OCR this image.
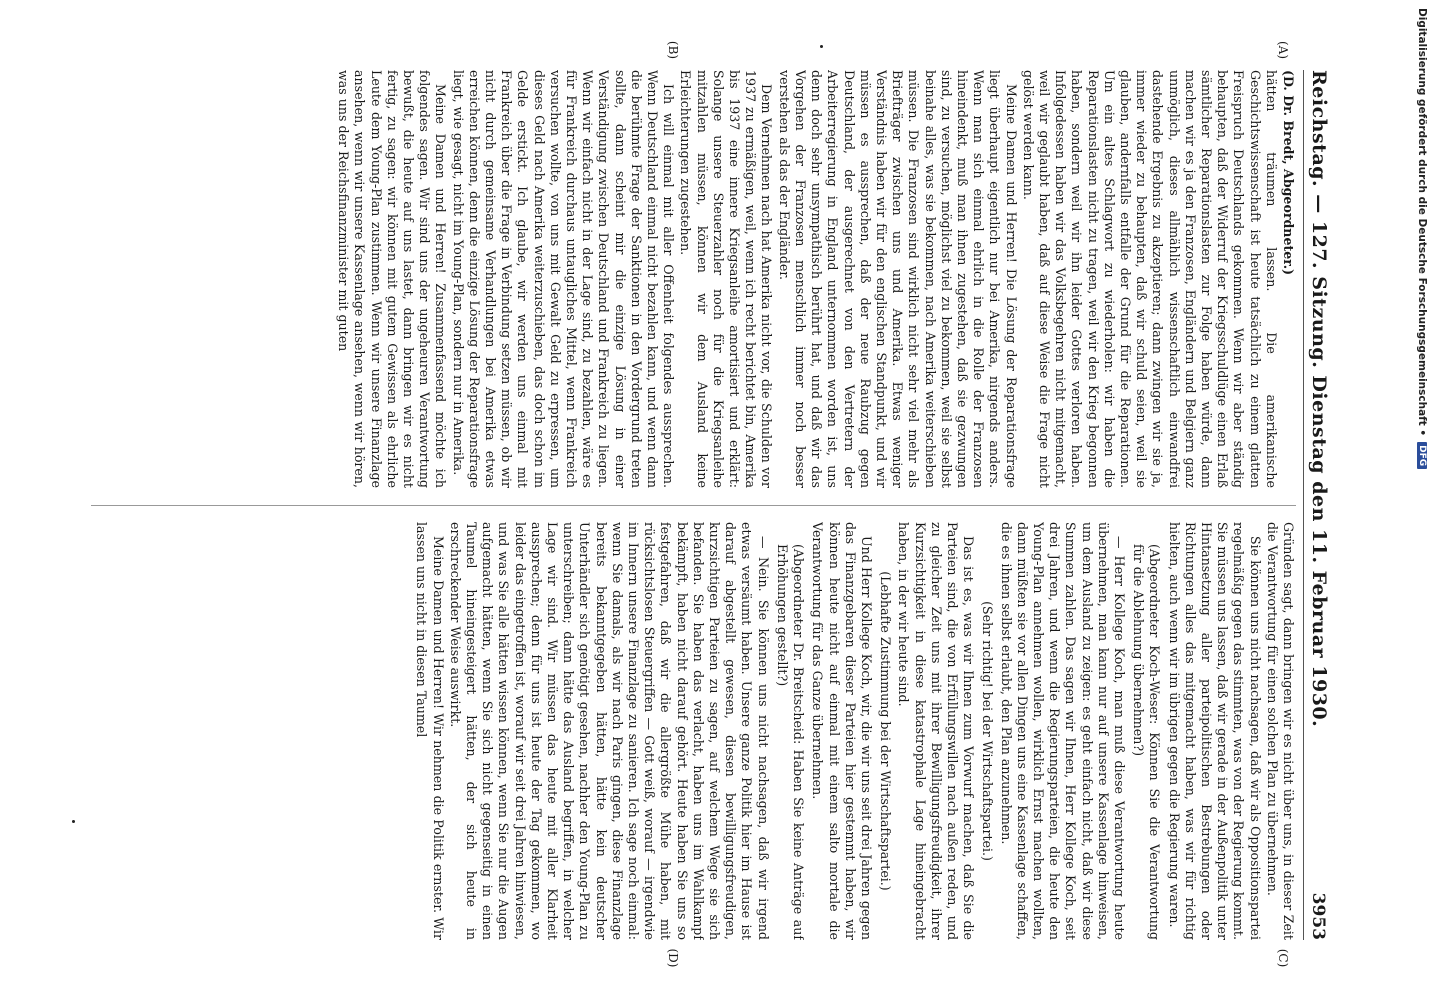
Reichstag. — 127. Sitzung. Dienstag den 11. Februar 1930.
3953
(A)
(B)
(C)
(D)

(D. Dr. Bredt, Abgeordneter.)

hätten träumen lassen. Die amerikanische Geschichtswissenschaft ist heute tatsächlich zu einem glatten Freispruch Deutschlands gekommen. Wenn wir aber ständig behaupten, daß der Widerruf der Kriegsschuldlüge einen Erlaß sämtlicher Reparationslasten zur Folge haben würde, dann machen wir es ja den Franzosen, Engländern und Belgiern ganz unmöglich, dieses allmählich wissenschaftlich einwandfrei dastehende Ergebnis zu akzeptieren; dann zwingen wir sie ja, immer wieder zu behaupten, daß wir schuld seien, weil sie glauben, andernfalls entfalle der Grund für die Reparationen. Um ein altes Schlagwort zu wiederholen: wir haben die Reparationslasten nicht zu tragen, weil wir den Krieg begonnen haben, sondern weil wir ihn leider Gottes verloren haben. Infolgedessen haben wir das Volksbegehren nicht mitgemacht, weil wir geglaubt haben, daß auf diese Weise die Frage nicht gelöst werden kann.

Meine Damen und Herren! Die Lösung der Reparationsfrage liegt überhaupt eigentlich nur bei Amerika, nirgends anders. Wenn man sich einmal ehrlich in die Rolle der Franzosen hineindenkt, muß man ihnen zugestehen, daß sie gezwungen sind, zu versuchen, möglichst viel zu bekommen, weil sie selbst beinahe alles, was sie bekommen, nach Amerika weiterschieben müssen. Die Franzosen sind wirklich nicht sehr viel mehr als Briefträger zwischen uns und Amerika. Etwas weniger Verständnis haben wir für den englischen Standpunkt, und wir müssen es aussprechen, daß der neue Raubzug gegen Deutschland, der ausgerechnet von den Vertretern der Arbeiterregierung in England unternommen worden ist, uns denn doch sehr unsympathisch berührt hat, und daß wir das Vorgehen der Franzosen menschlich immer noch besser verstehen als das der Engländer.

Dem Vernehmen nach hat Amerika nicht vor, die Schulden vor 1937 zu ermäßigen, weil, wenn ich recht berichtet bin, Amerika bis 1937 eine innere Kriegsanleihe amortisiert und erklärt: Solange unsere Steuerzahler noch für die Kriegsanleihe mitzahlen müssen, können wir dem Ausland keine Erleichterungen zugestehen.

Ich will einmal mit aller Offenheit folgendes aussprechen. Wenn Deutschland einmal nicht bezahlen kann, und wenn dann die berühmte Frage der Sanktionen in den Vordergrund treten sollte, dann scheint mir die einzige Lösung in einer Verständigung zwischen Deutschland und Frankreich zu liegen. Wenn wir einfach nicht in der Lage sind, zu bezahlen, wäre es für Frankreich durchaus untaugliches Mittel, wenn Frankreich versuchen wollte, von uns mit Gewalt Geld zu erpressen, um dieses Geld nach Amerika weiterzuschieben, das doch schon im Gelde erstickt. Ich glaube, wir werden uns einmal mit Frankreich über die Frage in Verbindung setzen müssen, ob wir nicht durch gemeinsame Verhandlungen bei Amerika etwas erreichen können, denn die einzige Lösung der Reparationsfrage liegt, wie gesagt, nicht im Young-Plan, sondern nur in Amerika.

Meine Damen und Herren! Zusammenfassend möchte ich folgendes sagen. Wir sind uns der ungeheuren Verantwortung bewußt, die heute auf uns lastet, dann bringen wir es nicht fertig, zu sagen: wir können mit gutem Gewissen als ehrliche Leute dem Young-Plan zustimmen. Wenn wir unsere Finanzlage ansehen, wenn wir unsere Kassenlage ansehen, wenn wir hören, was uns der Reichsfinanzminister mit guten

Gründen sagt, dann bringen wir es nicht über uns, in dieser Zeit die Verantwortung für einen solchen Plan zu übernehmen.

Sie können uns nicht nachsagen, daß wir als Oppositionspartei regelmäßig gegen das stimmten, was von der Regierung kommt. Sie müssen uns lassen, daß wir gerade in der Außenpolitik unter Hintansetzung aller parteipolitischen Bestrebungen oder Richtungen alles das mitgemacht haben, was wir für richtig hielten, auch wenn wir im übrigen gegen die Regierung waren.

(Abgeordneter Koch-Weser: Können Sie die Verantwortung für die Ablehnung übernehmen?)

— Herr Kollege Koch, man muß diese Verantwortung heute übernehmen, man kann nur auf unsere Kassenlage hinweisen, um dem Ausland zu zeigen: es geht einfach nicht, daß wir diese Summen zahlen. Das sagen wir Ihnen, Herr Kollege Koch, seit drei Jahren, und wenn die Regierungsparteien, die heute den Young-Plan annehmen wollen, wirklich Ernst machen wollten, dann müßten sie vor allen Dingen uns eine Kassenlage schaffen, die es ihnen selbst erlaubt, den Plan anzunehmen.

(Sehr richtig! bei der Wirtschaftspartei.)

Das ist es, was wir Ihnen zum Vorwurf machen, daß Sie die Parteien sind, die von Erfüllungswillen nach außen reden, und zu gleicher Zeit uns mit ihrer Bewilligungsfreudigkeit, ihrer Kurzsichtigkeit in diese katastrophale Lage hineingebracht haben, in der wir heute sind.

(Lebhafte Zustimmung bei der Wirtschaftspartei.)

Und Herr Kollege Koch, wir, die wir uns seit drei Jahren gegen das Finanzgebaren dieser Parteien hier gestemmt haben, wir können heute nicht auf einmal mit einem salto mortale die Verantwortung für das Ganze übernehmen.

(Abgeordneter Dr. Breitscheid: Haben Sie keine Anträge auf Erhöhungen gestellt?)

— Nein. Sie können uns nicht nachsagen, daß wir irgend etwas versäumt haben. Unsere ganze Politik hier im Hause ist darauf abgestellt gewesen, diesen bewilligungsfreudigen, kurzsichtigen Parteien zu sagen, auf welchem Wege sie sich befanden. Sie haben das verlacht, haben uns im Wahlkampf bekämpft, haben nicht darauf gehört. Heute haben Sie uns so festgefahren, daß wir die allergrößte Mühe haben, mit rücksichtslosen Steuergriffen — Gott weiß, worauf — irgendwie im Innern unsere Finanzlage zu sanieren. Ich sage noch einmal: wenn Sie damals, als wir nach Paris gingen, diese Finanzlage bereits bekanntgegeben hätten, hätte kein deutscher Unterhändler sich genötigt gesehen, nachher den Young-Plan zu unterschreiben; dann hätte das Ausland begriffen, in welcher Lage wir sind. Wir müssen das heute mit aller Klarheit aussprechen; denn für uns ist heute der Tag gekommen, wo leider das eingetroffen ist, worauf wir seit drei Jahren hinwiesen, und was Sie alle hätten wissen können, wenn Sie nur die Augen aufgemacht hätten, wenn Sie sich nicht gegenseitig in einen Taumel hineingesteigert hätten, der sich heute in erschreckender Weise auswirkt.

Meine Damen und Herren! Wir nehmen die Politik ernster. Wir lassen uns nicht in diesen Taumel

Digitalisierung gefördert durch die Deutsche Forschungsgemeinschaft •
DFG
